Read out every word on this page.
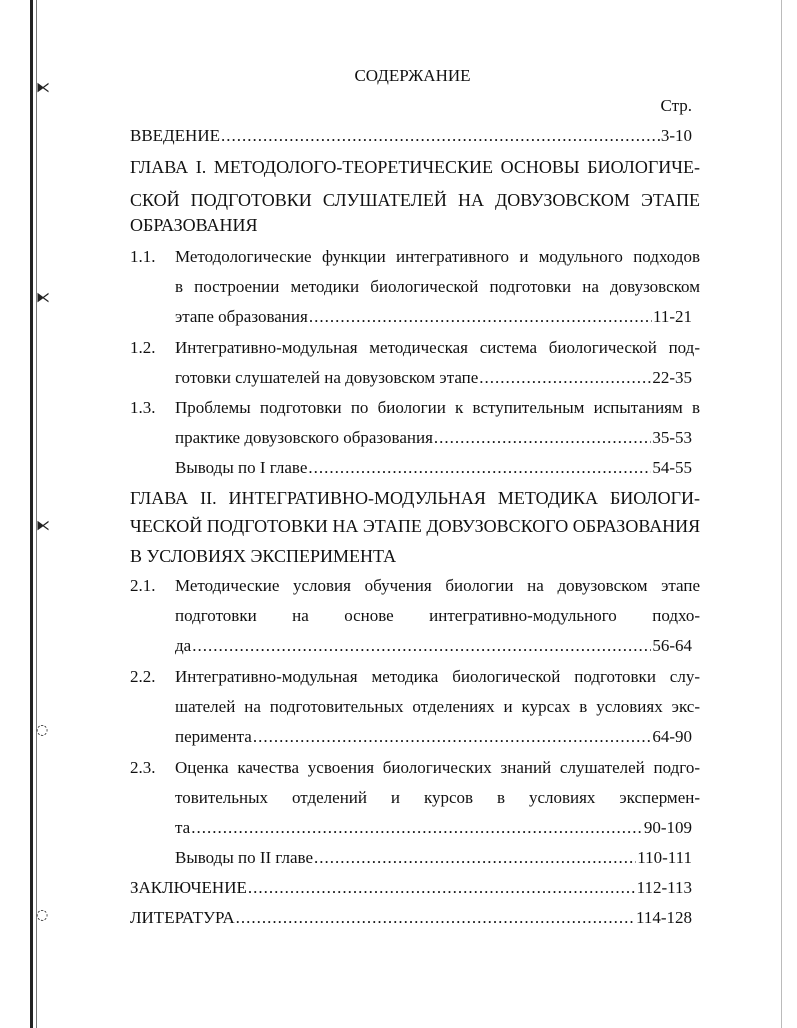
⧔
⧔
⧔
◌
◌
СОДЕРЖАНИЕ
Стр.
ВВЕДЕНИЕ .....	3-10
ГЛАВА I. МЕТОДОЛОГО-ТЕОРЕТИЧЕСКИЕ ОСНОВЫ БИОЛОГИЧЕ-
СКОЙ ПОДГОТОВКИ СЛУШАТЕЛЕЙ НА ДОВУЗОВСКОМ ЭТАПЕ
ОБРАЗОВАНИЯ
1.1. Методологические функции интегративного и модульного подходов
в построении методики биологической подготовки на довузовском
этапе образования .....	11-21
1.2. Интегративно-модульная методическая система биологической под-
готовки слушателей на довузовском этапе .....	22-35
1.3. Проблемы подготовки по биологии к вступительным испытаниям в
практике довузовского образования .....	35-53
Выводы по I главе .....	54-55
ГЛАВА II. ИНТЕГРАТИВНО-МОДУЛЬНАЯ МЕТОДИКА БИОЛОГИ-
ЧЕСКОЙ ПОДГОТОВКИ НА ЭТАПЕ ДОВУЗОВСКОГО ОБРАЗОВАНИЯ
В УСЛОВИЯХ ЭКСПЕРИМЕНТА
2.1. Методические условия обучения биологии на довузовском этапе
подготовки на основе интегративно-модульного подхо-
да .....	56-64
2.2. Интегративно-модульная методика биологической подготовки слу-
шателей на подготовительных отделениях и курсах в условиях экс-
перимента .....	64-90
2.3. Оценка качества усвоения биологических знаний слушателей подго-
товительных отделений и курсов в условиях экспермен-
та .....	90-109
Выводы по II главе .....	110-111
ЗАКЛЮЧЕНИЕ .....	112-113
ЛИТЕРАТУРА .....	114-128
